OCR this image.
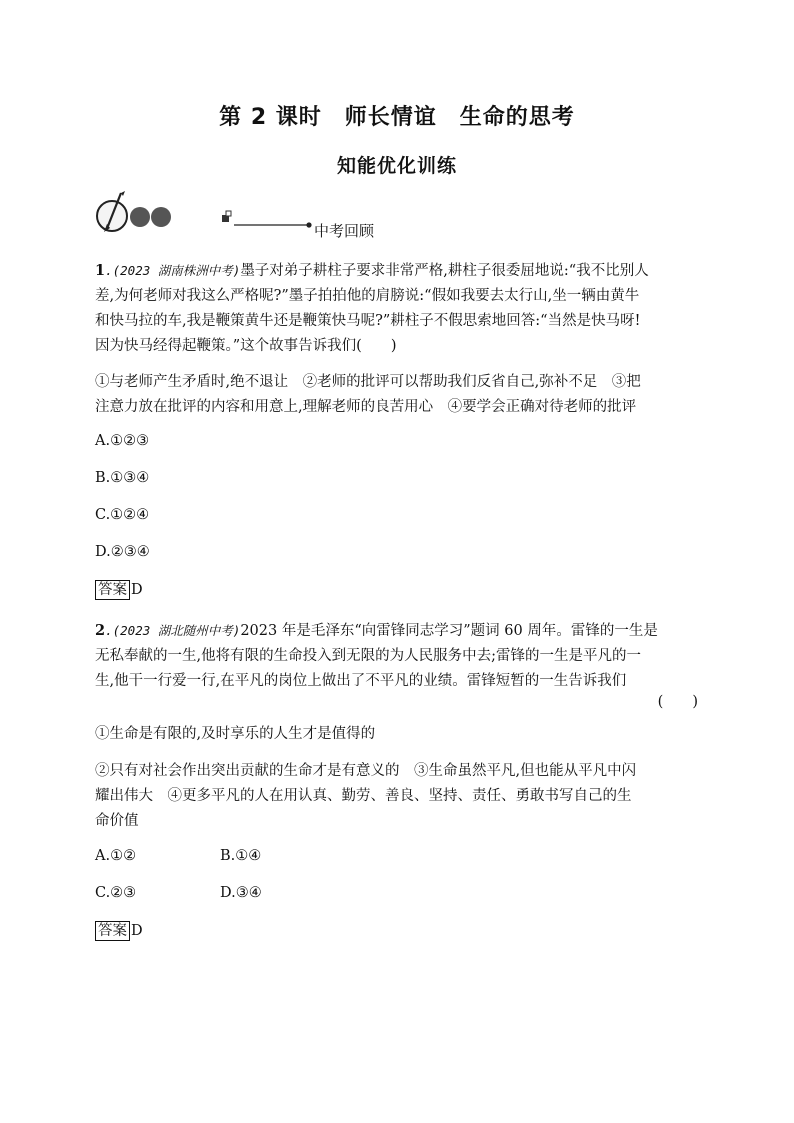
第 2 课时　师长情谊　生命的思考
知能优化训练
中考回顾
1.(2023 湖南株洲中考)墨子对弟子耕柱子要求非常严格,耕柱子很委屈地说:“我不比别人
差,为何老师对我这么严格呢?”墨子拍拍他的肩膀说:“假如我要去太行山,坐一辆由黄牛
和快马拉的车,我是鞭策黄牛还是鞭策快马呢?”耕柱子不假思索地回答:“当然是快马呀!
因为快马经得起鞭策。”这个故事告诉我们(　　)
①与老师产生矛盾时,绝不退让　②老师的批评可以帮助我们反省自己,弥补不足　③把
注意力放在批评的内容和用意上,理解老师的良苦用心　④要学会正确对待老师的批评
A.①②③
B.①③④
C.①②④
D.②③④
答案 D
2.(2023 湖北随州中考)2023 年是毛泽东“向雷锋同志学习”题词 60 周年。雷锋的一生是
无私奉献的一生,他将有限的生命投入到无限的为人民服务中去;雷锋的一生是平凡的一
生,他干一行爱一行,在平凡的岗位上做出了不平凡的业绩。雷锋短暂的一生告诉我们
(　　)
①生命是有限的,及时享乐的人生才是值得的
②只有对社会作出突出贡献的生命才是有意义的　③生命虽然平凡,但也能从平凡中闪
耀出伟大　④更多平凡的人在用认真、勤劳、善良、坚持、责任、勇敢书写自己的生
命价值
A.①②	B.①④
C.②③	D.③④
答案 D
